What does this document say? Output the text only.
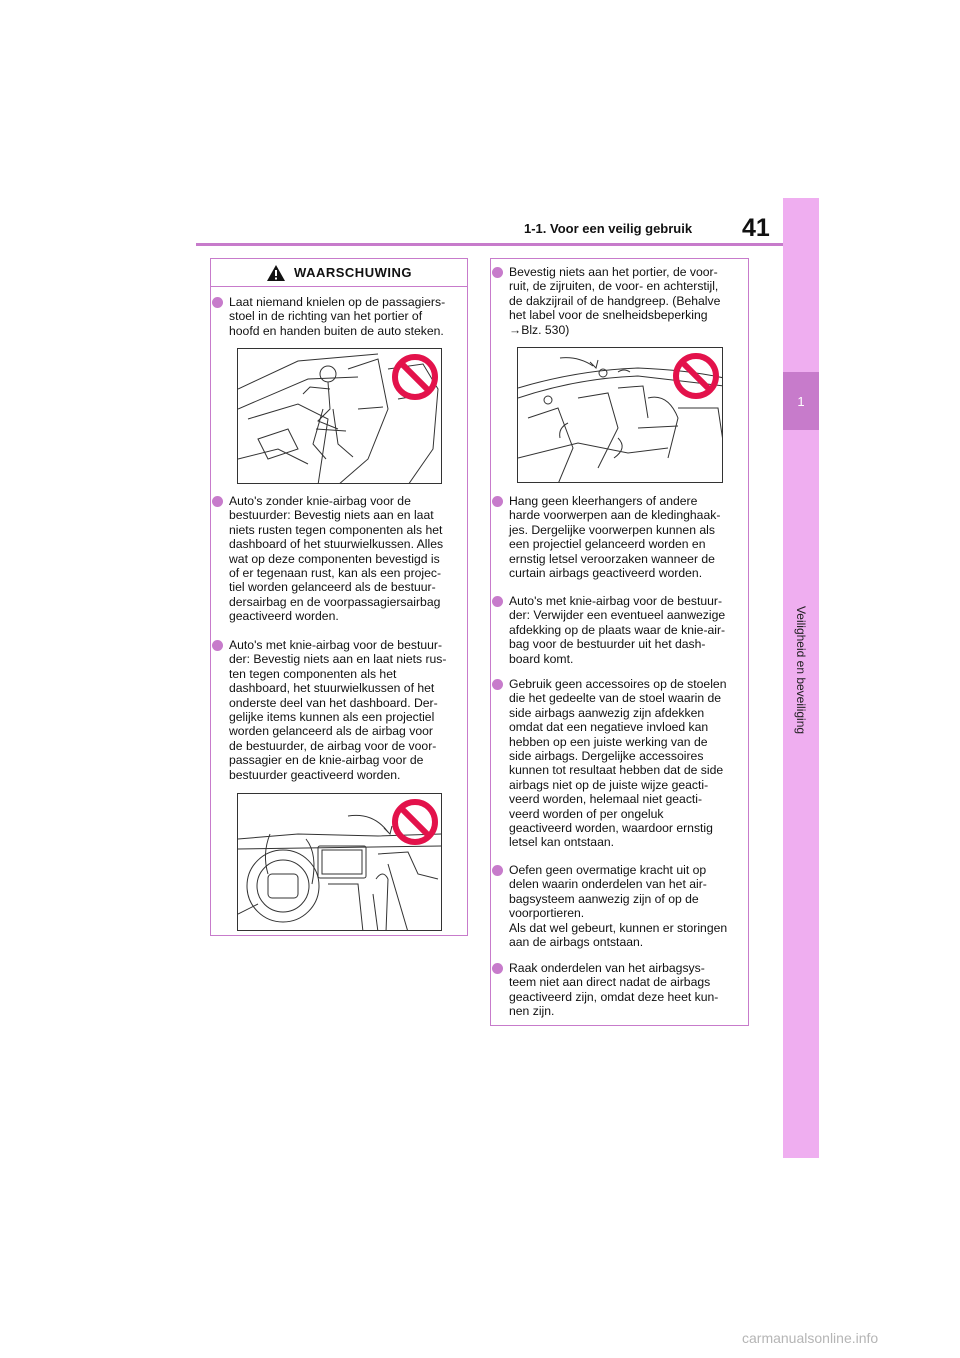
1
Veiligheid en beveiliging
1-1. Voor een veilig gebruik 41
WAARSCHUWING
Laat niemand knielen op de passagiers-
stoel in de richting van het portier of
hoofd en handen buiten de auto steken.
Auto's zonder knie-airbag voor de
bestuurder: Bevestig niets aan en laat
niets rusten tegen componenten als het
dashboard of het stuurwielkussen. Alles
wat op deze componenten bevestigd is
of er tegenaan rust, kan als een projec-
tiel worden gelanceerd als de bestuur-
dersairbag en de voorpassagiersairbag
geactiveerd worden.
Auto's met knie-airbag voor de bestuur-
der: Bevestig niets aan en laat niets rus-
ten tegen componenten als het
dashboard, het stuurwielkussen of het
onderste deel van het dashboard. Der-
gelijke items kunnen als een projectiel
worden gelanceerd als de airbag voor
de bestuurder, de airbag voor de voor-
passagier en de knie-airbag voor de
bestuurder geactiveerd worden.
Bevestig niets aan het portier, de voor-
ruit, de zijruiten, de voor- en achterstijl,
de dakzijrail of de handgreep. (Behalve
het label voor de snelheidsbeperking
→Blz. 530)
Hang geen kleerhangers of andere
harde voorwerpen aan de kledinghaak-
jes. Dergelijke voorwerpen kunnen als
een projectiel gelanceerd worden en
ernstig letsel veroorzaken wanneer de
curtain airbags geactiveerd worden.
Auto's met knie-airbag voor de bestuur-
der: Verwijder een eventueel aanwezige
afdekking op de plaats waar de knie-air-
bag voor de bestuurder uit het dash-
board komt.
Gebruik geen accessoires op de stoelen
die het gedeelte van de stoel waarin de
side airbags aanwezig zijn afdekken
omdat dat een negatieve invloed kan
hebben op een juiste werking van de
side airbags. Dergelijke accessoires
kunnen tot resultaat hebben dat de side
airbags niet op de juiste wijze geacti-
veerd worden, helemaal niet geacti-
veerd worden of per ongeluk
geactiveerd worden, waardoor ernstig
letsel kan ontstaan.
Oefen geen overmatige kracht uit op
delen waarin onderdelen van het air-
bagsysteem aanwezig zijn of op de
voorportieren.
Als dat wel gebeurt, kunnen er storingen
aan de airbags ontstaan.
Raak onderdelen van het airbagsys-
teem niet aan direct nadat de airbags
geactiveerd zijn, omdat deze heet kun-
nen zijn.
carmanualsonline.info
